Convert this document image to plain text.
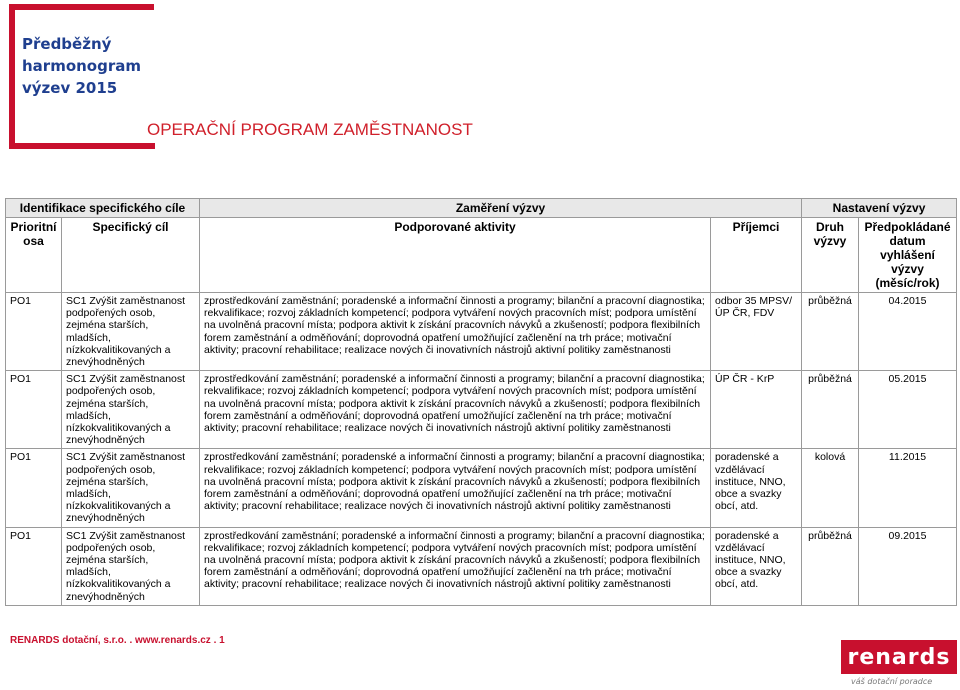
Předběžný
harmonogram
výzev 2015
OPERAČNÍ PROGRAM ZAMĚSTNANOST
Identifikace specifického cíle		Zaměření výzvy		Nastavení výzvy	
Prioritní osa	Specifický cíl	Podporované aktivity	Příjemci	Druh výzvy	Předpokládané datum vyhlášení výzvy (měsíc/rok)
PO1	SC1 Zvýšit zaměstnanost podpořených osob, zejména starších, mladších, nízkokvalitikovaných a znevýhodněných	zprostředkování zaměstnání; poradenské a informační činnosti a programy; bilanční a pracovní diagnostika; rekvalifikace; rozvoj základních kompetencí; podpora vytváření nových pracovních míst; podpora umístění na uvolněná pracovní místa; podpora aktivit k získání pracovních návyků a zkušeností; podpora flexibilních forem zaměstnání a odměňování; doprovodná opatření umožňující začlenění na trh práce; motivační aktivity; pracovní rehabilitace; realizace nových či inovativních nástrojů aktivní politiky zaměstnanosti	odbor 35 MPSV/ÚP ČR, FDV	průběžná	04.2015
PO1	SC1 Zvýšit zaměstnanost podpořených osob, zejména starších, mladších, nízkokvalitikovaných a znevýhodněných	zprostředkování zaměstnání; poradenské a informační činnosti a programy; bilanční a pracovní diagnostika; rekvalifikace; rozvoj základních kompetencí; podpora vytváření nových pracovních míst; podpora umístění na uvolněná pracovní místa; podpora aktivit k získání pracovních návyků a zkušeností; podpora flexibilních forem zaměstnání a odměňování; doprovodná opatření umožňující začlenění na trh práce; motivační aktivity; pracovní rehabilitace; realizace nových či inovativních nástrojů aktivní politiky zaměstnanosti	ÚP ČR - KrP	průběžná	05.2015
PO1	SC1 Zvýšit zaměstnanost podpořených osob, zejména starších, mladších, nízkokvalitikovaných a znevýhodněných	zprostředkování zaměstnání; poradenské a informační činnosti a programy; bilanční a pracovní diagnostika; rekvalifikace; rozvoj základních kompetencí; podpora vytváření nových pracovních míst; podpora umístění na uvolněná pracovní místa; podpora aktivit k získání pracovních návyků a zkušeností; podpora flexibilních forem zaměstnání a odměňování; doprovodná opatření umožňující začlenění na trh práce; motivační aktivity; pracovní rehabilitace; realizace nových či inovativních nástrojů aktivní politiky zaměstnanosti	poradenské a vzdělávací instituce, NNO, obce a svazky obcí, atd.	kolová	11.2015
PO1	SC1 Zvýšit zaměstnanost podpořených osob, zejména starších, mladších, nízkokvalitikovaných a znevýhodněných	zprostředkování zaměstnání; poradenské a informační činnosti a programy; bilanční a pracovní diagnostika; rekvalifikace; rozvoj základních kompetencí; podpora vytváření nových pracovních míst; podpora umístění na uvolněná pracovní místa; podpora aktivit k získání pracovních návyků a zkušeností; podpora flexibilních forem zaměstnání a odměňování; doprovodná opatření umožňující začlenění na trh práce; motivační aktivity; pracovní rehabilitace; realizace nových či inovativních nástrojů aktivní politiky zaměstnanosti	poradenské a vzdělávací instituce, NNO, obce a svazky obcí, atd.	průběžná	09.2015
RENARDS dotační, s.r.o. . www.renards.cz . 1
renards
váš dotační poradce
